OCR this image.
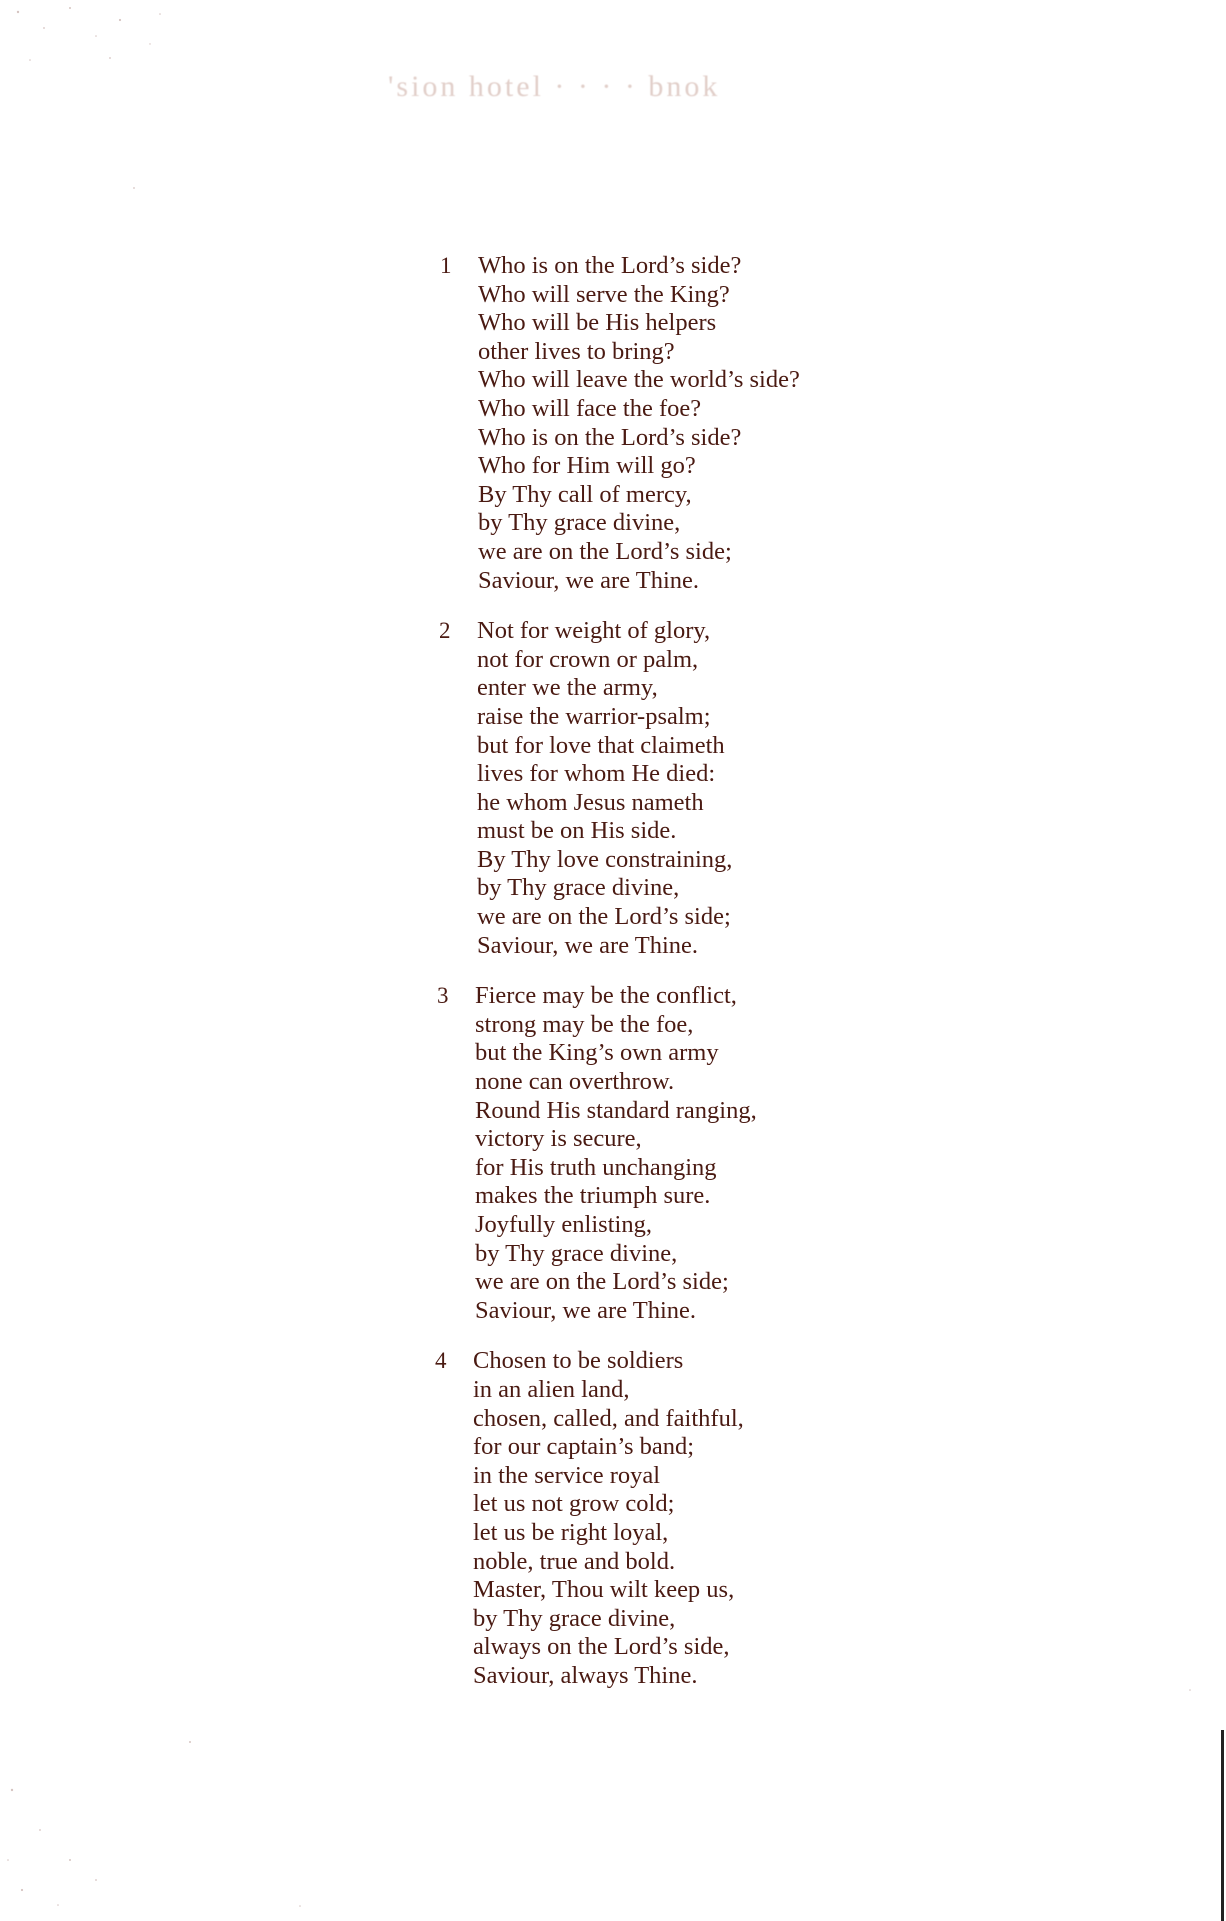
'sion hotel · · · · bnok
1	Who is on the Lord’s side?
Who will serve the King?
Who will be His helpers
other lives to bring?
Who will leave the world’s side?
Who will face the foe?
Who is on the Lord’s side?
Who for Him will go?
By Thy call of mercy,
by Thy grace divine,
we are on the Lord’s side;
Saviour, we are Thine.
2	Not for weight of glory,
not for crown or palm,
enter we the army,
raise the warrior-psalm;
but for love that claimeth
lives for whom He died:
he whom Jesus nameth
must be on His side.
By Thy love constraining,
by Thy grace divine,
we are on the Lord’s side;
Saviour, we are Thine.
3	Fierce may be the conflict,
strong may be the foe,
but the King’s own army
none can overthrow.
Round His standard ranging,
victory is secure,
for His truth unchanging
makes the triumph sure.
Joyfully enlisting,
by Thy grace divine,
we are on the Lord’s side;
Saviour, we are Thine.
4	Chosen to be soldiers
in an alien land,
chosen, called, and faithful,
for our captain’s band;
in the service royal
let us not grow cold;
let us be right loyal,
noble, true and bold.
Master, Thou wilt keep us,
by Thy grace divine,
always on the Lord’s side,
Saviour, always Thine.
